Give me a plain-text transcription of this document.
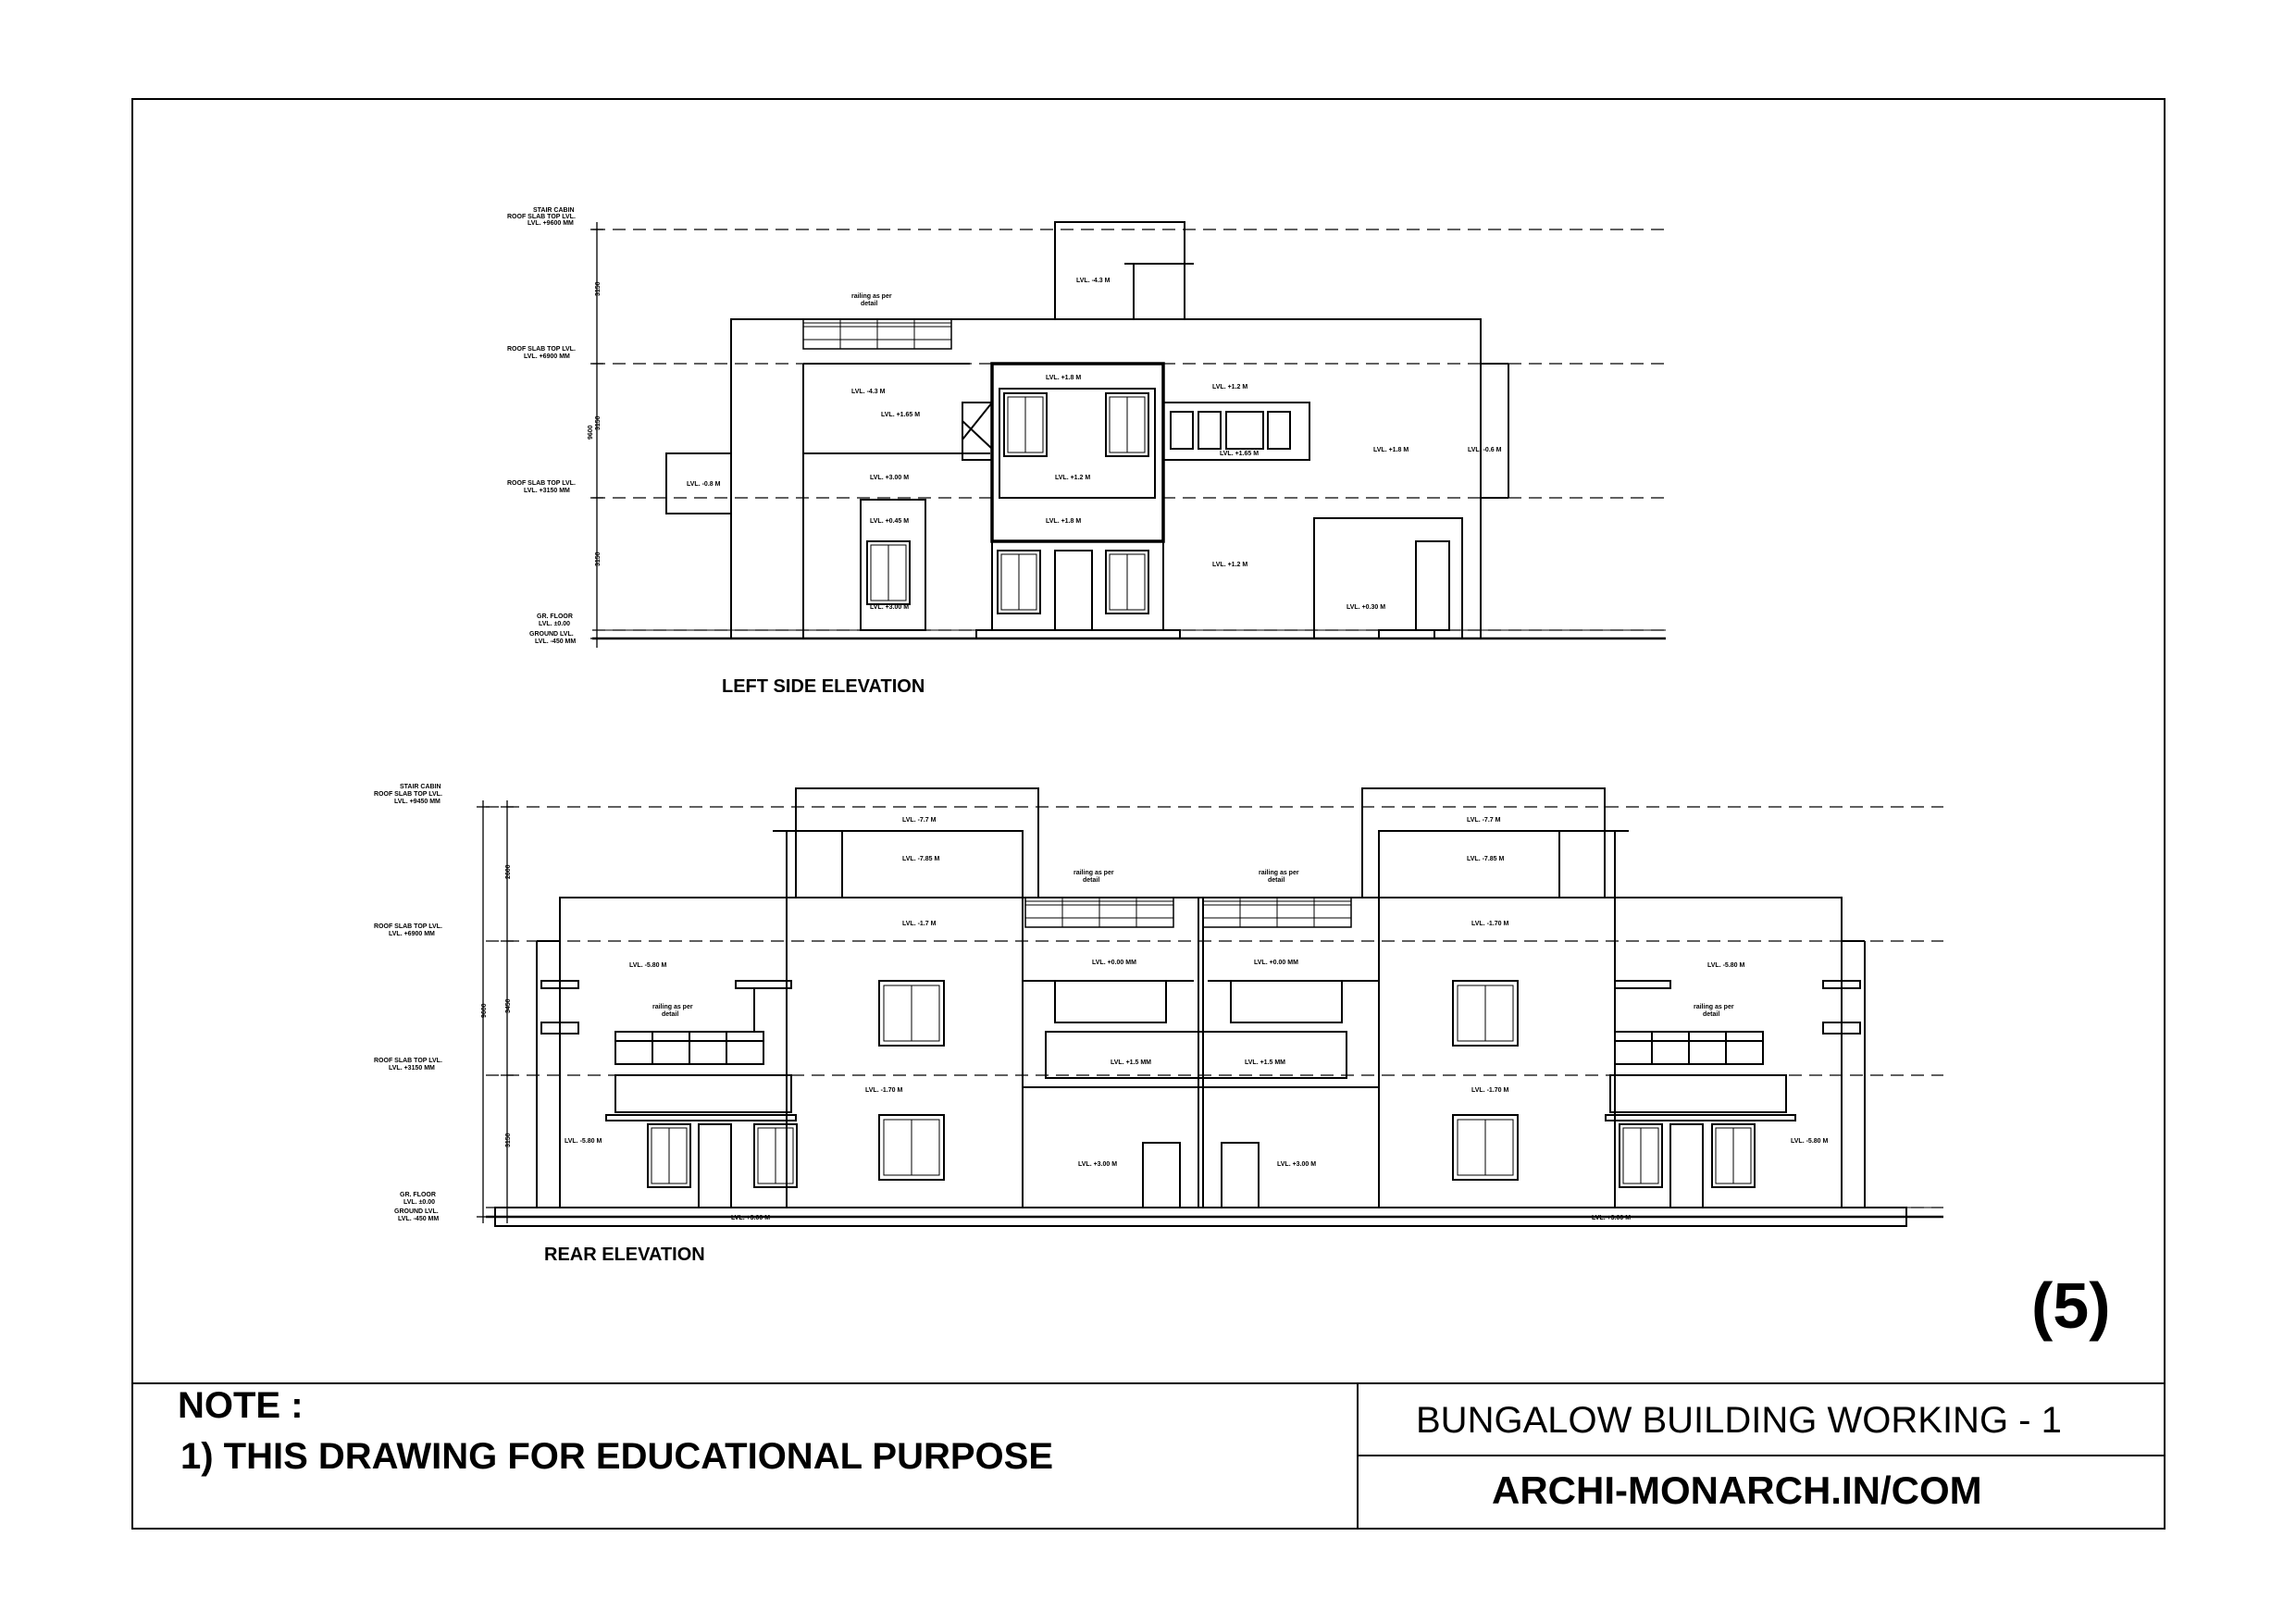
3150
3150
3150
9600
STAIR CABIN
ROOF SLAB TOP LVL.
LVL. +9600 MM
ROOF SLAB TOP LVL.
LVL. +6900 MM
ROOF SLAB TOP LVL.
LVL. +3150 MM
GR. FLOOR
LVL. ±0.00
GROUND LVL.
LVL. -450 MM
railing as per
detail
LVL. -4.3 M
LVL. -4.3 M
LVL. +1.8 M
LVL. +1.2 M
LVL. +1.65 M
LVL. +1.2 M
LVL. +1.65 M
LVL. +1.8 M	LVL. -0.6 M
LVL. -0.8 M
LVL. +3.00 M
LVL. +0.45 M
LVL. +3.00 M
LVL. +1.8 M
LVL. +1.2 M
LVL. +0.30 M
LEFT SIDE ELEVATION
2600
3450
3150
9600
STAIR CABIN
ROOF SLAB TOP LVL.
LVL. +9450 MM
ROOF SLAB TOP LVL.
LVL. +6900 MM
ROOF SLAB TOP LVL.
LVL. +3150 MM
GR. FLOOR
LVL. ±0.00
GROUND LVL.
LVL. -450 MM
railing as per
detail
railing as per
detail
railing as per
detail
railing as per
detail
LVL. -7.7 M
LVL. -7.85 M
LVL. -7.7 M
LVL. -7.85 M
LVL. -1.7 M	LVL. -1.70 M
LVL. -5.80 M	LVL. -5.80 M
LVL. +0.00 MM	LVL. +0.00 MM
LVL. +1.5 MM	LVL. +1.5 MM
LVL. -1.70 M	LVL. -1.70 M
LVL. -5.80 M	LVL. -5.80 M
LVL. +3.00 M	LVL. +3.00 M
LVL. +3.00 M	LVL. +3.00 M
REAR ELEVATION
(5)
NOTE :
1) THIS DRAWING FOR EDUCATIONAL PURPOSE
BUNGALOW BUILDING WORKING - 1
ARCHI-MONARCH.IN/COM
